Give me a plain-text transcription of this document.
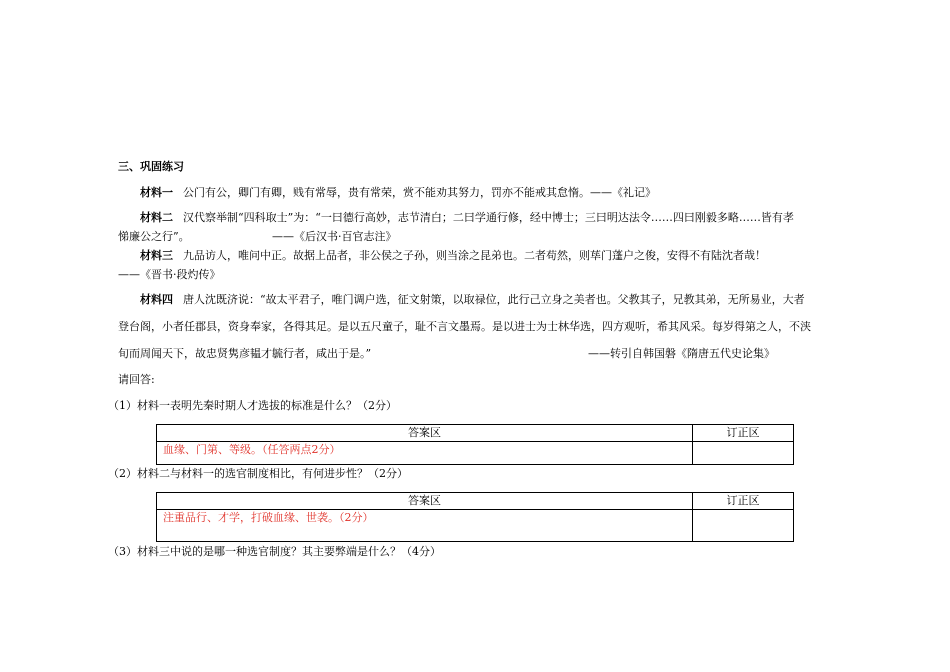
三、巩固练习
材料一 公门有公，卿门有卿，贱有常辱，贵有常荣，赏不能劝其努力，罚亦不能戒其怠惰。——《礼记》
材料二 汉代察举制“四科取士”为：“一曰德行高妙，志节清白；二曰学通行修，经中博士；三曰明达法令……四曰刚毅多略……皆有孝
悌廉公之行”。	——《后汉书·百官志注》
材料三 九品访人，唯问中正。故据上品者，非公侯之子孙，则当涂之昆弟也。二者苟然，则荜门蓬户之俊，安得不有陆沈者哉！
——《晋书·段灼传》
材料四 唐人沈既济说：“故太平君子，唯门调户选，征文射策，以取禄位，此行己立身之美者也。父教其子，兄教其弟，无所易业，大者
登台阁，小者任郡县，资身奉家，各得其足。是以五尺童子，耻不言文墨焉。是以进士为士林华选，四方观听，希其风采。每岁得第之人，不浃
旬而周闻天下，故忠贤隽彦韫才毓行者，咸出于是。”	——转引自韩国磐《隋唐五代史论集》
请回答:
（1）材料一表明先秦时期人才选拔的标准是什么？（2分）
答案区	订正区
血缘、门第、等级。（任答两点2分）	
（2）材料二与材料一的选官制度相比，有何进步性？（2分）
答案区	订正区
注重品行、才学，打破血缘、世袭。（2分）	
（3）材料三中说的是哪一种选官制度？其主要弊端是什么？（4分）
